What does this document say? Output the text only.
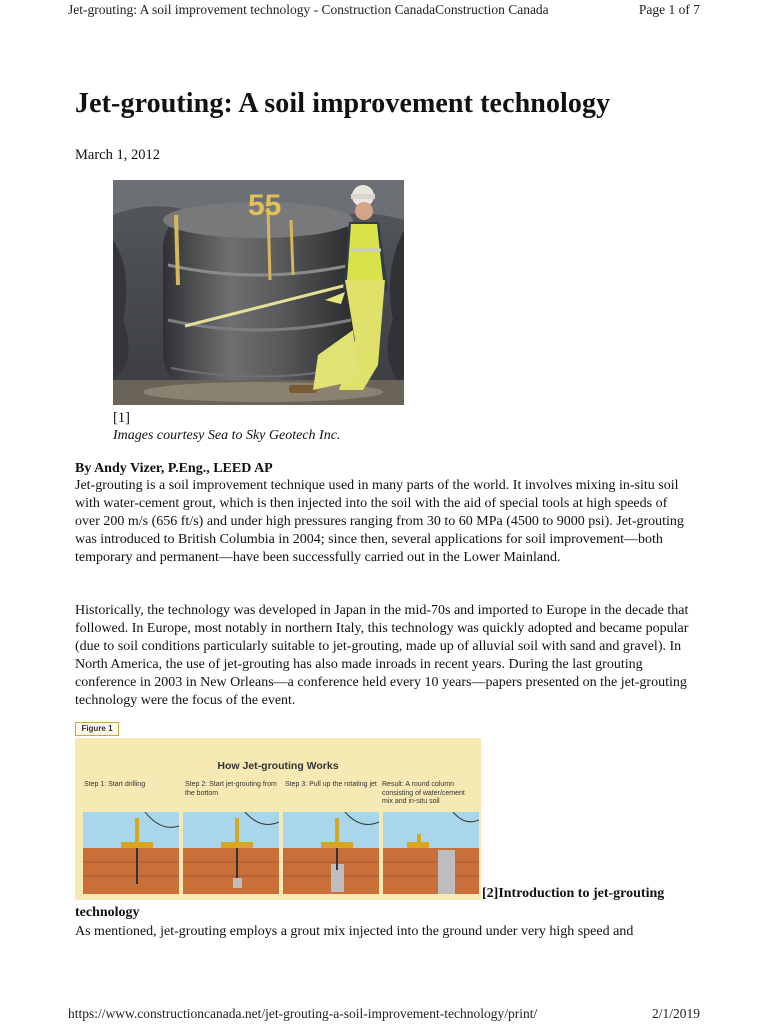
Jet-grouting: A soil improvement technology - Construction CanadaConstruction Canada	Page 1 of 7
Jet-grouting: A soil improvement technology
March 1, 2012
55
[1]
Images courtesy Sea to Sky Geotech Inc.
By Andy Vizer, P.Eng., LEED AP

Jet-grouting is a soil improvement technique used in many parts of the world. It involves mixing in-situ soil with water-cement grout, which is then injected into the soil with the aid of special tools at high speeds of over 200 m/s (656 ft/s) and under high pressures ranging from 30 to 60 MPa (4500 to 9000 psi). Jet-grouting was introduced to British Columbia in 2004; since then, several applications for soil improvement—both temporary and permanent—have been successfully carried out in the Lower Mainland.

Historically, the technology was developed in Japan in the mid-70s and imported to Europe in the decade that followed. In Europe, most notably in northern Italy, this technology was quickly adopted and became popular (due to soil conditions particularly suitable to jet-grouting, made up of alluvial soil with sand and gravel). In North America, the use of jet-grouting has also made inroads in recent years. During the last grouting conference in 2003 in New Orleans—a conference held every 10 years—papers presented on the jet-grouting technology were the focus of the event.

Figure 1
How Jet-grouting Works
Step 1: Start drilling	Step 2: Start jet-grouting from the bottom
Step 3: Pull up the rotating jet Result: A round column consisting of water/cement mix and in-situ soil
[2]Introduction to jet-grouting
technology

As mentioned, jet-grouting employs a grout mix injected into the ground under very high speed and

https://www.constructioncanada.net/jet-grouting-a-soil-improvement-technology/print/	2/1/2019
